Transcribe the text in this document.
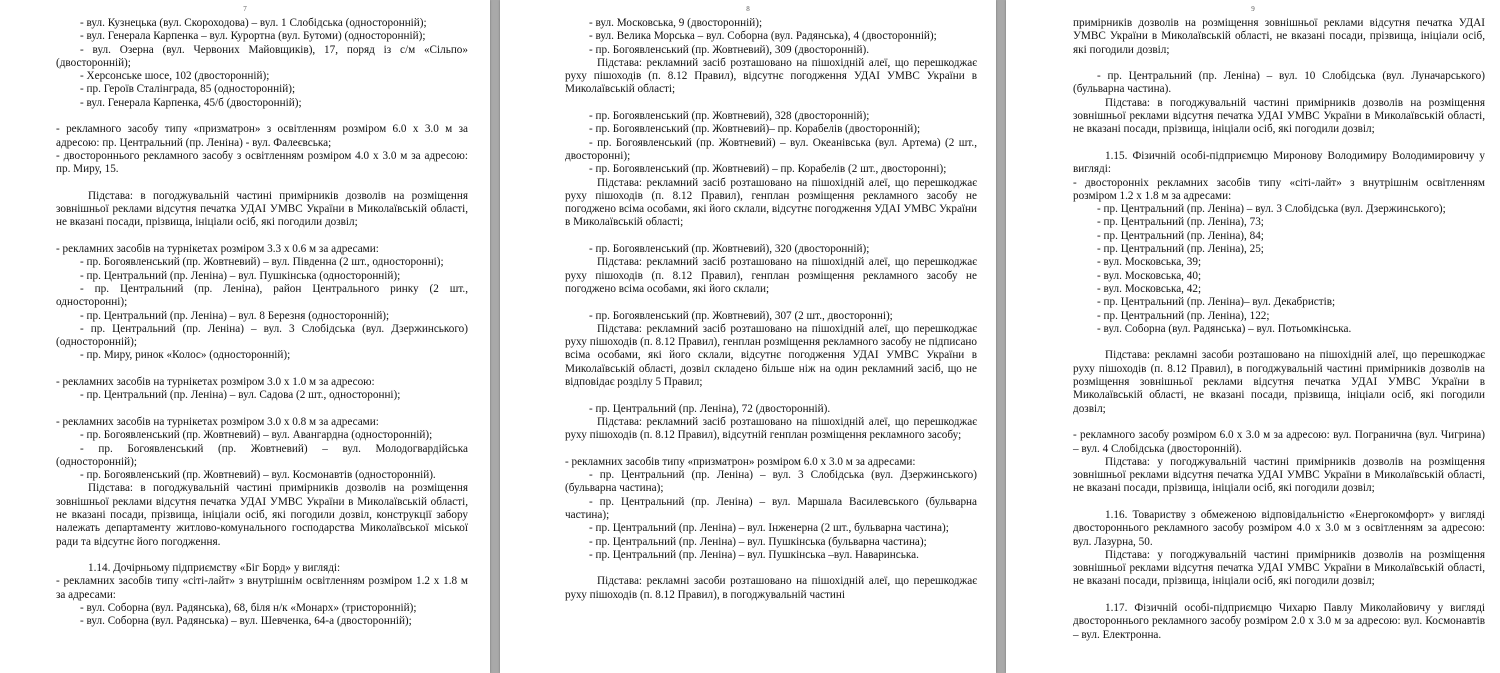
7

- вул. Кузнецька (вул. Скороходова) – вул. 1 Слобідська (односторонній);

- вул. Генерала Карпенка – вул. Курортна (вул. Бутоми) (односторонній);

- вул. Озерна (вул. Червоних Майовщиків), 17, поряд із с/м «Сільпо» (двосторонній);

- Херсонське шосе, 102 (двосторонній);

- пр. Героїв Сталінграда, 85 (односторонній);

- вул. Генерала Карпенка, 45/б (двосторонній);

- рекламного засобу типу «призматрон» з освітленням розміром 6.0 х 3.0 м за адресою: пр. Центральний (пр. Леніна) - вул. Фалеєвська;

- двостороннього рекламного засобу з освітленням розміром 4.0 х 3.0 м за адресою: пр. Миру, 15.

Підстава: в погоджувальній частині примірників дозволів на розміщення зовнішньої реклами відсутня печатка УДАІ УМВС України в Миколаївській області, не вказані посади, прізвища, ініціали осіб, які погодили дозвіл;

- рекламних засобів на турнікетах розміром 3.3 х 0.6 м за адресами:

- пр. Богоявленський (пр. Жовтневий) – вул. Південна (2 шт., односторонні);

- пр. Центральний (пр. Леніна) – вул. Пушкінська (односторонній);

- пр. Центральний (пр. Леніна), район Центрального ринку (2 шт., односторонні);

- пр. Центральний (пр. Леніна) – вул. 8 Березня (односторонній);

- пр. Центральний (пр. Леніна) – вул. 3 Слобідська (вул. Дзержинського) (односторонній);

- пр. Миру, ринок «Колос» (односторонній);

- рекламних засобів на турнікетах розміром 3.0 х 1.0 м за адресою:

- пр. Центральний (пр. Леніна) – вул. Садова (2 шт., односторонні);

- рекламних засобів на турнікетах розміром 3.0 х 0.8 м за адресами:

- пр. Богоявленський (пр. Жовтневий) – вул. Авангардна (односторонній);

- пр. Богоявленський (пр. Жовтневий) – вул. Молодогвардійська (односторонній);

- пр. Богоявленський (пр. Жовтневий) – вул. Космонавтів (односторонній).

Підстава: в погоджувальній частині примірників дозволів на розміщення зовнішньої реклами відсутня печатка УДАІ УМВС України в Миколаївській області, не вказані посади, прізвища, ініціали осіб, які погодили дозвіл, конструкції забору належать департаменту житлово-комунального господарства Миколаївської міської ради та відсутнє його погодження.

1.14. Дочірньому підприємству «Біг Борд» у вигляді:

- рекламних засобів типу «сіті-лайт» з внутрішнім освітленням розміром 1.2 х 1.8 м за адресами:

- вул. Соборна (вул. Радянська), 68, біля н/к «Монарх» (тристоронній);

- вул. Соборна (вул. Радянська) – вул. Шевченка, 64-а (двосторонній);

8

- вул. Московська, 9 (двосторонній);

- вул. Велика Морська – вул. Соборна (вул. Радянська), 4 (двосторонній);

- пр. Богоявленський (пр. Жовтневий), 309 (двосторонній).

Підстава: рекламний засіб розташовано на пішохідній алеї, що перешкоджає руху пішоходів (п. 8.12 Правил), відсутнє погодження УДАІ УМВС України в Миколаївській області;

- пр. Богоявленський (пр. Жовтневий), 328 (двосторонній);

- пр. Богоявленський (пр. Жовтневий)– пр. Корабелів (двосторонній);

- пр. Богоявленський (пр. Жовтневий) – вул. Океанівська (вул. Артема) (2 шт., двосторонні);

- пр. Богоявленський (пр. Жовтневий) – пр. Корабелів (2 шт., двосторонні);

Підстава: рекламний засіб розташовано на пішохідній алеї, що перешкоджає руху пішоходів (п. 8.12 Правил), генплан розміщення рекламного засобу не погоджено всіма особами, які його склали, відсутнє погодження УДАІ УМВС України в Миколаївській області;

- пр. Богоявленський (пр. Жовтневий), 320 (двосторонній);

Підстава: рекламний засіб розташовано на пішохідній алеї, що перешкоджає руху пішоходів (п. 8.12 Правил), генплан розміщення рекламного засобу не погоджено всіма особами, які його склали;

- пр. Богоявленський (пр. Жовтневий), 307 (2 шт., двосторонні);

Підстава: рекламний засіб розташовано на пішохідній алеї, що перешкоджає руху пішоходів (п. 8.12 Правил), генплан розміщення рекламного засобу не підписано всіма особами, які його склали, відсутнє погодження УДАІ УМВС України в Миколаївській області, дозвіл складено більше ніж на один рекламний засіб, що не відповідає розділу 5 Правил;

- пр. Центральний (пр. Леніна), 72 (двосторонній).

Підстава: рекламний засіб розташовано на пішохідній алеї, що перешкоджає руху пішоходів (п. 8.12 Правил), відсутній генплан розміщення рекламного засобу;

- рекламних засобів типу «призматрон» розміром 6.0 х 3.0 м за адресами:

- пр. Центральний (пр. Леніна) – вул. 3 Слобідська (вул. Дзержинського) (бульварна частина);

- пр. Центральний (пр. Леніна) – вул. Маршала Василевського (бульварна частина);

- пр. Центральний (пр. Леніна) – вул. Інженерна (2 шт., бульварна частина);

- пр. Центральний (пр. Леніна) – вул. Пушкінська (бульварна частина);

- пр. Центральний (пр. Леніна) – вул. Пушкінська –вул. Наваринська.

Підстава: рекламні засоби розташовано на пішохідній алеї, що перешкоджає руху пішоходів (п. 8.12 Правил), в погоджувальній частині

9

примірників дозволів на розміщення зовнішньої реклами відсутня печатка УДАІ УМВС України в Миколаївській області, не вказані посади, прізвища, ініціали осіб, які погодили дозвіл;

- пр. Центральний (пр. Леніна) – вул. 10 Слобідська (вул. Луначарського) (бульварна частина).

Підстава: в погоджувальній частині примірників дозволів на розміщення зовнішньої реклами відсутня печатка УДАІ УМВС України в Миколаївській області, не вказані посади, прізвища, ініціали осіб, які погодили дозвіл;

1.15. Фізичній особі-підприємцю Миронову Володимиру Володимировичу у вигляді:

- двосторонніх рекламних засобів типу «сіті-лайт» з внутрішнім освітленням розміром 1.2 х 1.8 м за адресами:

- пр. Центральний (пр. Леніна) – вул. 3 Слобідська (вул. Дзержинського);

- пр. Центральний (пр. Леніна), 73;

- пр. Центральний (пр. Леніна), 84;

- пр. Центральний (пр. Леніна), 25;

- вул. Московська, 39;

- вул. Московська, 40;

- вул. Московська, 42;

- пр. Центральний (пр. Леніна)– вул. Декабристів;

- пр. Центральний (пр. Леніна), 122;

- вул. Соборна (вул. Радянська) – вул. Потьомкінська.

Підстава: рекламні засоби розташовано на пішохідній алеї, що перешкоджає руху пішоходів (п. 8.12 Правил), в погоджувальній частині примірників дозволів на розміщення зовнішньої реклами відсутня печатка УДАІ УМВС України в Миколаївській області, не вказані посади, прізвища, ініціали осіб, які погодили дозвіл;

- рекламного засобу розміром 6.0 х 3.0 м за адресою: вул. Погранична (вул. Чигрина) – вул. 4 Слобідська (двосторонній).

Підстава: у погоджувальній частині примірників дозволів на розміщення зовнішньої реклами відсутня печатка УДАІ УМВС України в Миколаївській області, не вказані посади, прізвища, ініціали осіб, які погодили дозвіл;

1.16. Товариству з обмеженою відповідальністю «Енергокомфорт» у вигляді двостороннього рекламного засобу розміром 4.0 х 3.0 м з освітленням за адресою: вул. Лазурна, 50.

Підстава: у погоджувальній частині примірників дозволів на розміщення зовнішньої реклами відсутня печатка УДАІ УМВС України в Миколаївській області, не вказані посади, прізвища, ініціали осіб, які погодили дозвіл;

1.17. Фізичній особі-підприємцю Чихарю Павлу Миколайовичу у вигляді двостороннього рекламного засобу розміром 2.0 х 3.0 м за адресою: вул. Космонавтів – вул. Електронна.
